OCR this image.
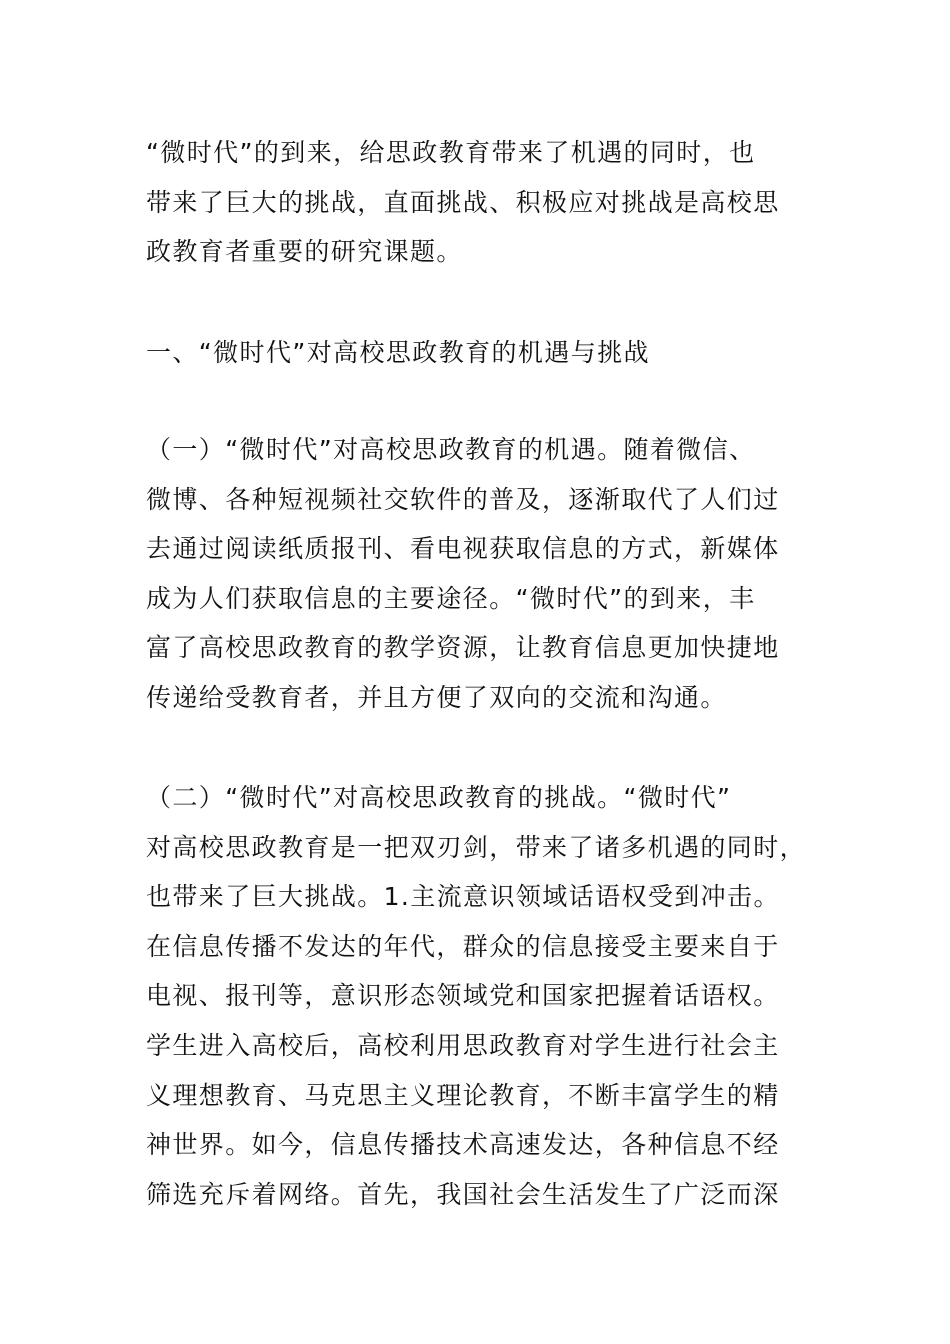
“微时代”的到来，给思政教育带来了机遇的同时，也
带来了巨大的挑战，直面挑战、积极应对挑战是高校思
政教育者重要的研究课题。
一、“微时代”对高校思政教育的机遇与挑战
（一）“微时代”对高校思政教育的机遇。随着微信、
微博、各种短视频社交软件的普及，逐渐取代了人们过
去通过阅读纸质报刊、看电视获取信息的方式，新媒体
成为人们获取信息的主要途径。“微时代”的到来，丰
富了高校思政教育的教学资源，让教育信息更加快捷地
传递给受教育者，并且方便了双向的交流和沟通。
（二）“微时代”对高校思政教育的挑战。“微时代”
对高校思政教育是一把双刃剑，带来了诸多机遇的同时，
也带来了巨大挑战。1.主流意识领域话语权受到冲击。
在信息传播不发达的年代，群众的信息接受主要来自于
电视、报刊等，意识形态领域党和国家把握着话语权。
学生进入高校后，高校利用思政教育对学生进行社会主
义理想教育、马克思主义理论教育，不断丰富学生的精
神世界。如今，信息传播技术高速发达，各种信息不经
筛选充斥着网络。首先，我国社会生活发生了广泛而深
